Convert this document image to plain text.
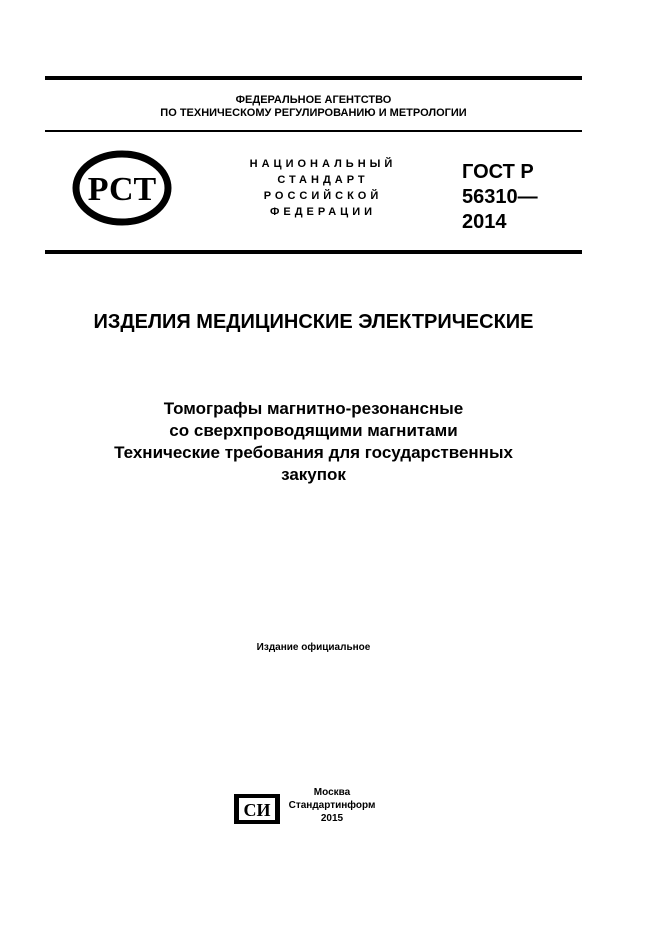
ФЕДЕРАЛЬНОЕ АГЕНТСТВО
ПО ТЕХНИЧЕСКОМУ РЕГУЛИРОВАНИЮ И МЕТРОЛОГИИ
РСТ
НАЦИОНАЛЬНЫЙ
СТАНДАРТ
РОССИЙСКОЙ
ФЕДЕРАЦИИ
ГОСТ Р
56310—
2014
ИЗДЕЛИЯ МЕДИЦИНСКИЕ ЭЛЕКТРИЧЕСКИЕ
Томографы магнитно-резонансные
со сверхпроводящими магнитами
Технические требования для государственных
закупок
Издание официальное
СИ
Москва
Стандартинформ
2015
